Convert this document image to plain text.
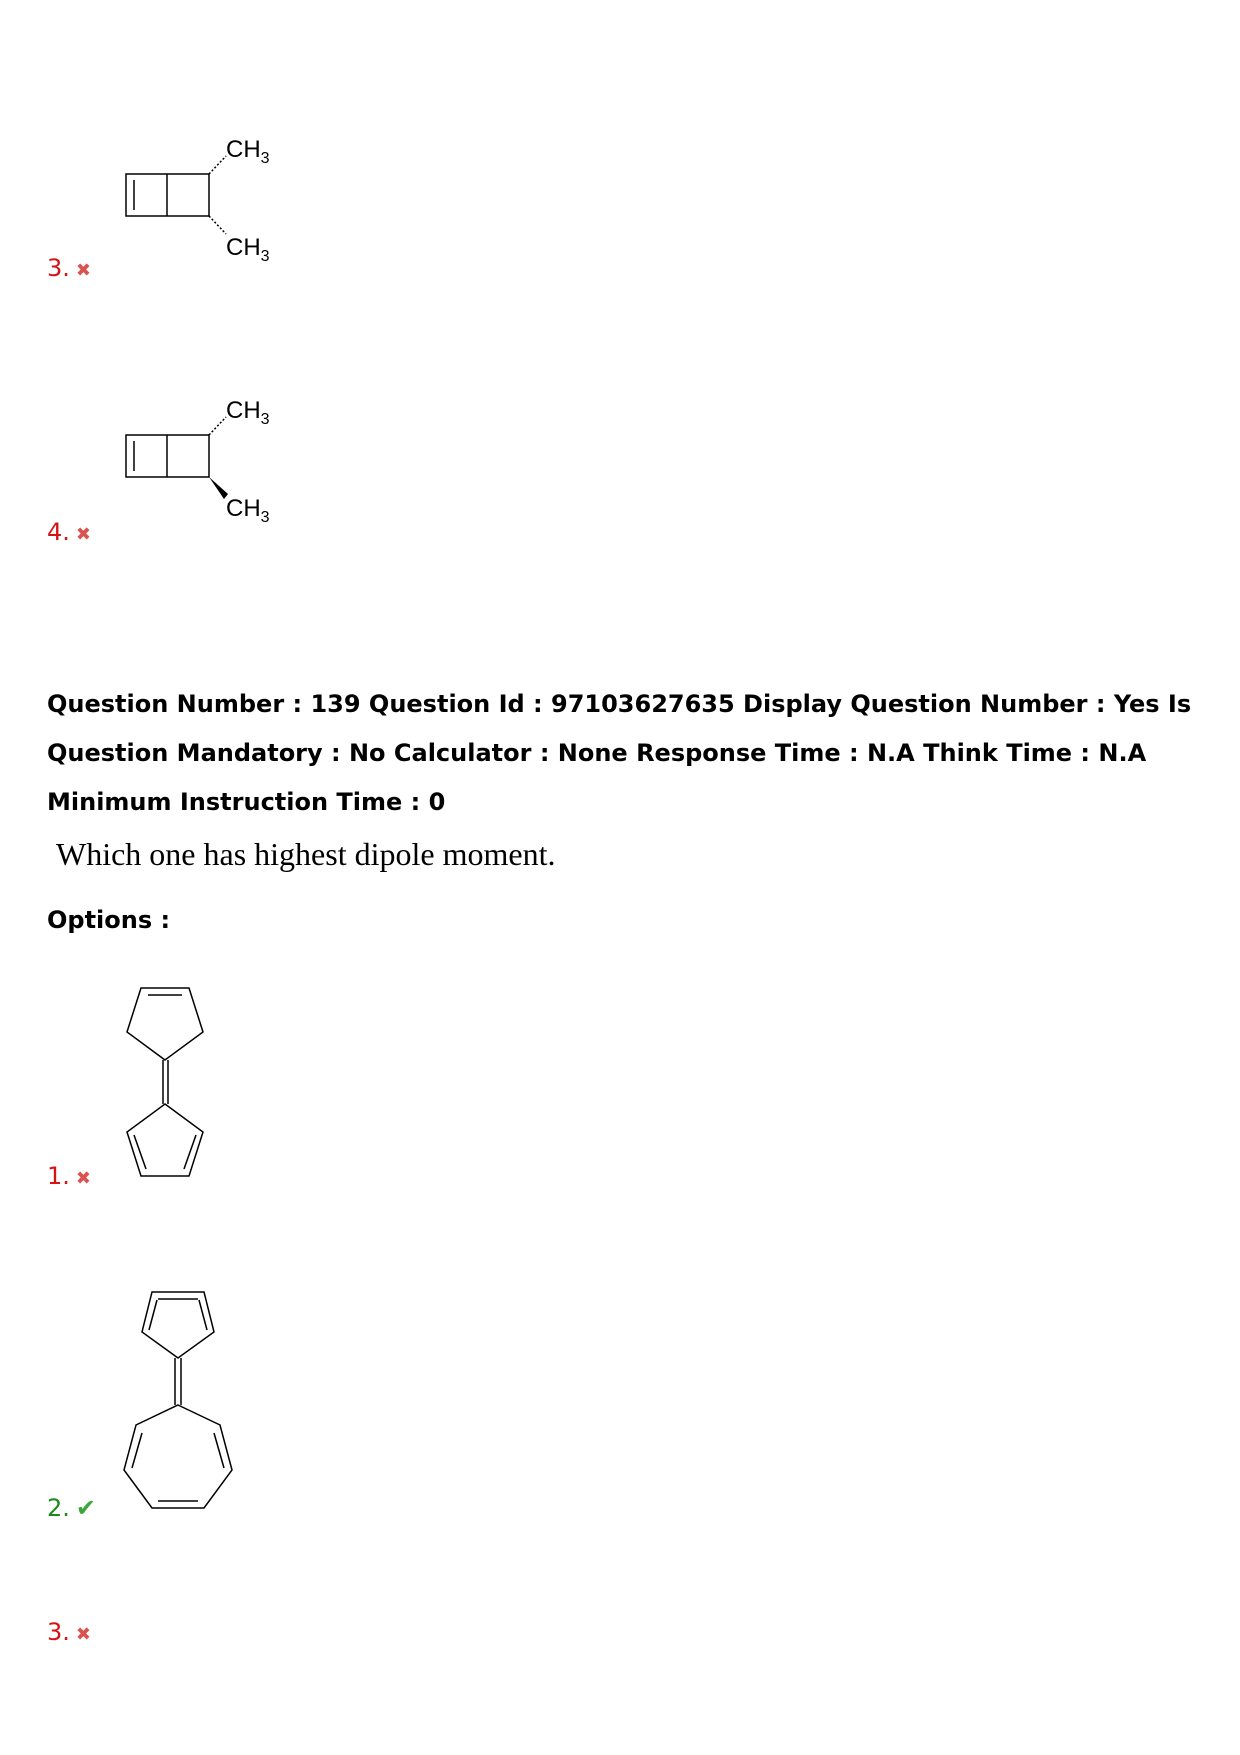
$CH_3$
$CH_3$
3. ✖
$CH_3$
$CH_3$
4. ✖
Question Number : 139 Question Id : 97103627635 Display Question Number : Yes Is Question Mandatory : No Calculator : None Response Time : N.A Think Time : N.A Minimum Instruction Time : 0
Which one has highest dipole moment.
Options :
1. ✖
2. ✔
3. ✖
